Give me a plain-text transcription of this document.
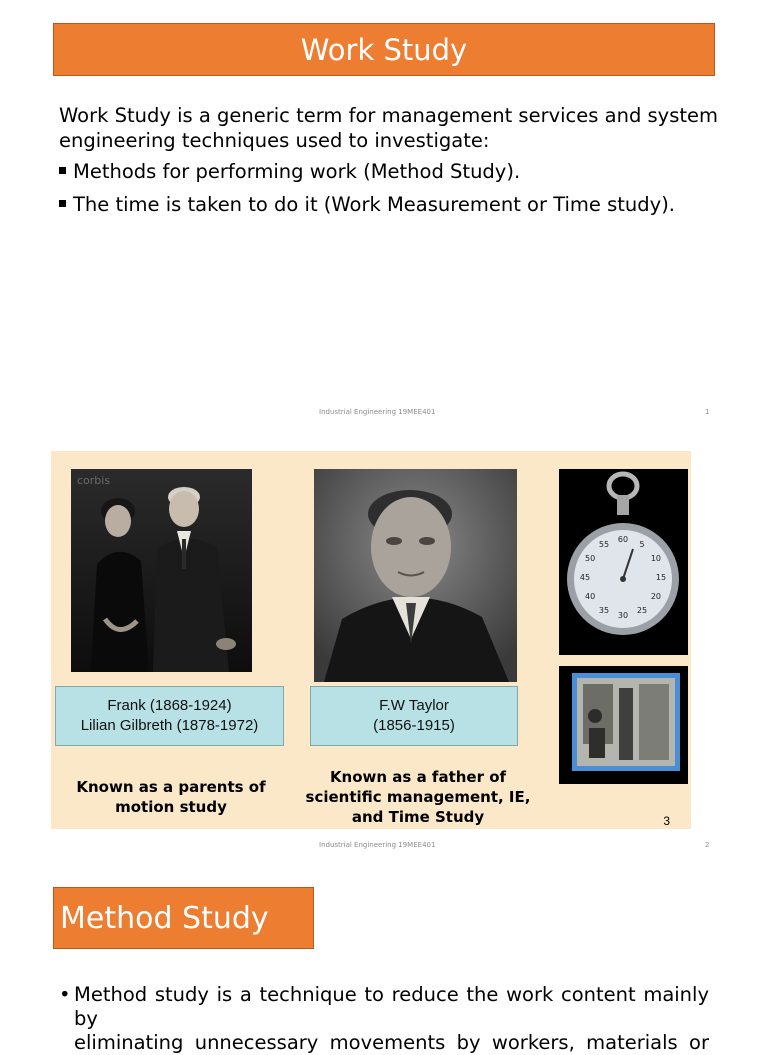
Work Study

Work Study is a generic term for management services and system engineering techniques used to investigate:

Methods for performing work (Method Study).
The time is taken to do it (Work Measurement or Time study).
Industrial Engineering 19MEE401	1
corbis
60
55	5
50	10
45	15
40	20
35	25
30
Frank (1868-1924)
Lilian Gilbreth (1878-1972)
F.W Taylor
(1856-1915)
Known as a parents of
motion study
Known as a father of
scientific management, IE,
and Time Study	3
Industrial Engineering 19MEE401	2
Method Study
• Method study is a technique to reduce the work content mainly by
eliminating unnecessary movements by workers, materials or
